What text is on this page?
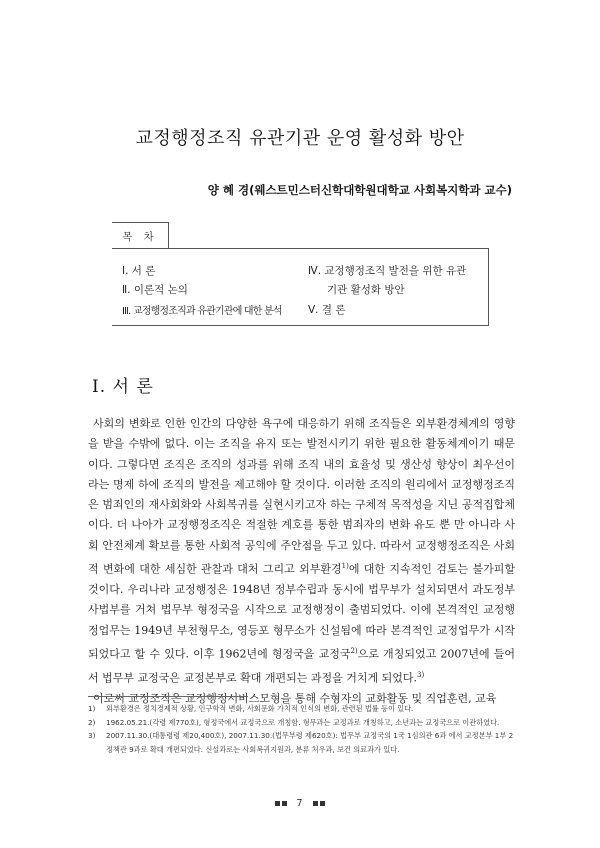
교정행정조직 유관기관 운영 활성화 방안
양 혜 경(웨스트민스터신학대학원대학교 사회복지학과 교수)
목 차
Ⅰ. 서 론
Ⅱ. 이론적 논의
Ⅲ. 교정행정조직과 유관기관에 대한 분석
Ⅳ. 교정행정조직 발전을 위한 유관
기관 활성화 방안
Ⅴ. 결 론
Ⅰ. 서 론

사회의 변화로 인한 인간의 다양한 욕구에 대응하기 위해 조직들은 외부환경체계의 영향을 받을 수밖에 없다. 이는 조직을 유지 또는 발전시키기 위한 필요한 활동체계이기 때문이다. 그렇다면 조직은 조직의 성과를 위해 조직 내의 효율성 및 생산성 향상이 최우선이라는 명제 하에 조직의 발전을 제고해야 할 것이다. 이러한 조직의 원리에서 교정행정조직은 범죄인의 재사회화와 사회복귀를 실현시키고자 하는 구체적 목적성을 지닌 공적집합체이다. 더 나아가 교정행정조직은 적절한 계호를 통한 범죄자의 변화 유도 뿐 만 아니라 사회 안전체계 확보를 통한 사회적 공익에 주안점을 두고 있다. 따라서 교정행정조직은 사회적 변화에 대한 세심한 관찰과 대처 그리고 외부환경$^{1)}$에 대한 지속적인 검토는 불가피할 것이다. 우리나라 교정행정은 1948년 정부수립과 동시에 법무부가 설치되면서 과도정부 사법부를 거쳐 법무부 형정국을 시작으로 교정행정이 출범되었다. 이에 본격적인 교정행정업무는 1949년 부천형무소, 영등포 형무소가 신설됨에 따라 본격적인 교정업무가 시작되었다고 할 수 있다. 이후 1962년에 형정국을 교정국$^{2)}$으로 개칭되었고 2007년에 들어서 법무부 교정국은 교정본부로 확대 개편되는 과정을 거치게 되었다.$^{3)}$

이로써 교정조직은 교정행정서비스모형을 통해 수형자의 교화활동 및 직업훈련, 교육

1)	외부환경은 정치경제적 상황, 인구학적 변화, 사회문화 가치적 인식의 변화, 관련된 법률 등이 있다.
2)	1962.05.21.(각령 제770호), 형정국에서 교정국으로 개칭함. 형무과는 교정과로 개칭하고, 소년과는 교정국으로 이관하였다.
3)	2007.11.30.(대통령령 제20,400호), 2007.11.30.(법무부령 제620호): 법무부 교정국의 1국 1심의관 6과 에서 교정본부 1부 2정책관 9과로 확대 개편되었다. 신설과로는 사회복귀지원과, 분류 처우과, 보건 의료과가 있다.
7
